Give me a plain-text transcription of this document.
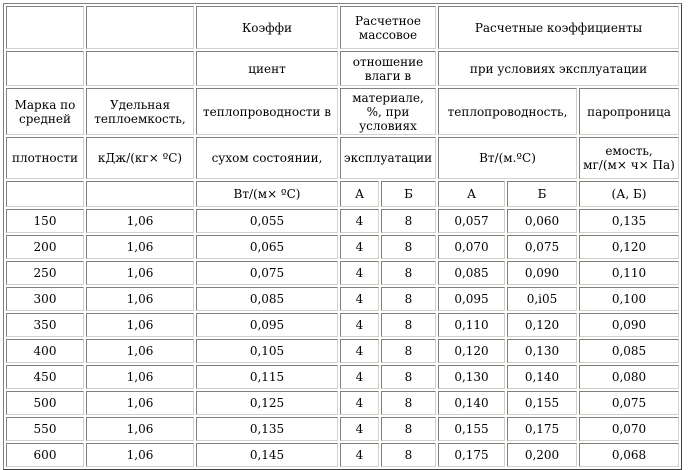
		Коэффи	Расчетное массовое		Расчетные коэффициенты		
		циент	отношение влаги в		при условиях эксплуатации		
Марка по средней	Удельная теплоемкость,	теплопроводности в	материале, %, при условиях		теплопроводность,		паропроница
плотности	кДж/(кг× ºС)	сухом состоянии,	эксплуатации		Вт/(м.ºС)		емость, мг/(м× ч× Па)
		Вт/(м× ºС)	А	Б	А	Б	(А, Б)
150	1,06	0,055	4	8	0,057	0,060	0,135
200	1,06	0,065	4	8	0,070	0,075	0,120
250	1,06	0,075	4	8	0,085	0,090	0,110
300	1,06	0,085	4	8	0,095	0,i05	0,100
350	1,06	0,095	4	8	0,110	0,120	0,090
400	1,06	0,105	4	8	0,120	0,130	0,085
450	1,06	0,115	4	8	0,130	0,140	0,080
500	1,06	0,125	4	8	0,140	0,155	0,075
550	1,06	0,135	4	8	0,155	0,175	0,070
600	1,06	0,145	4	8	0,175	0,200	0,068
